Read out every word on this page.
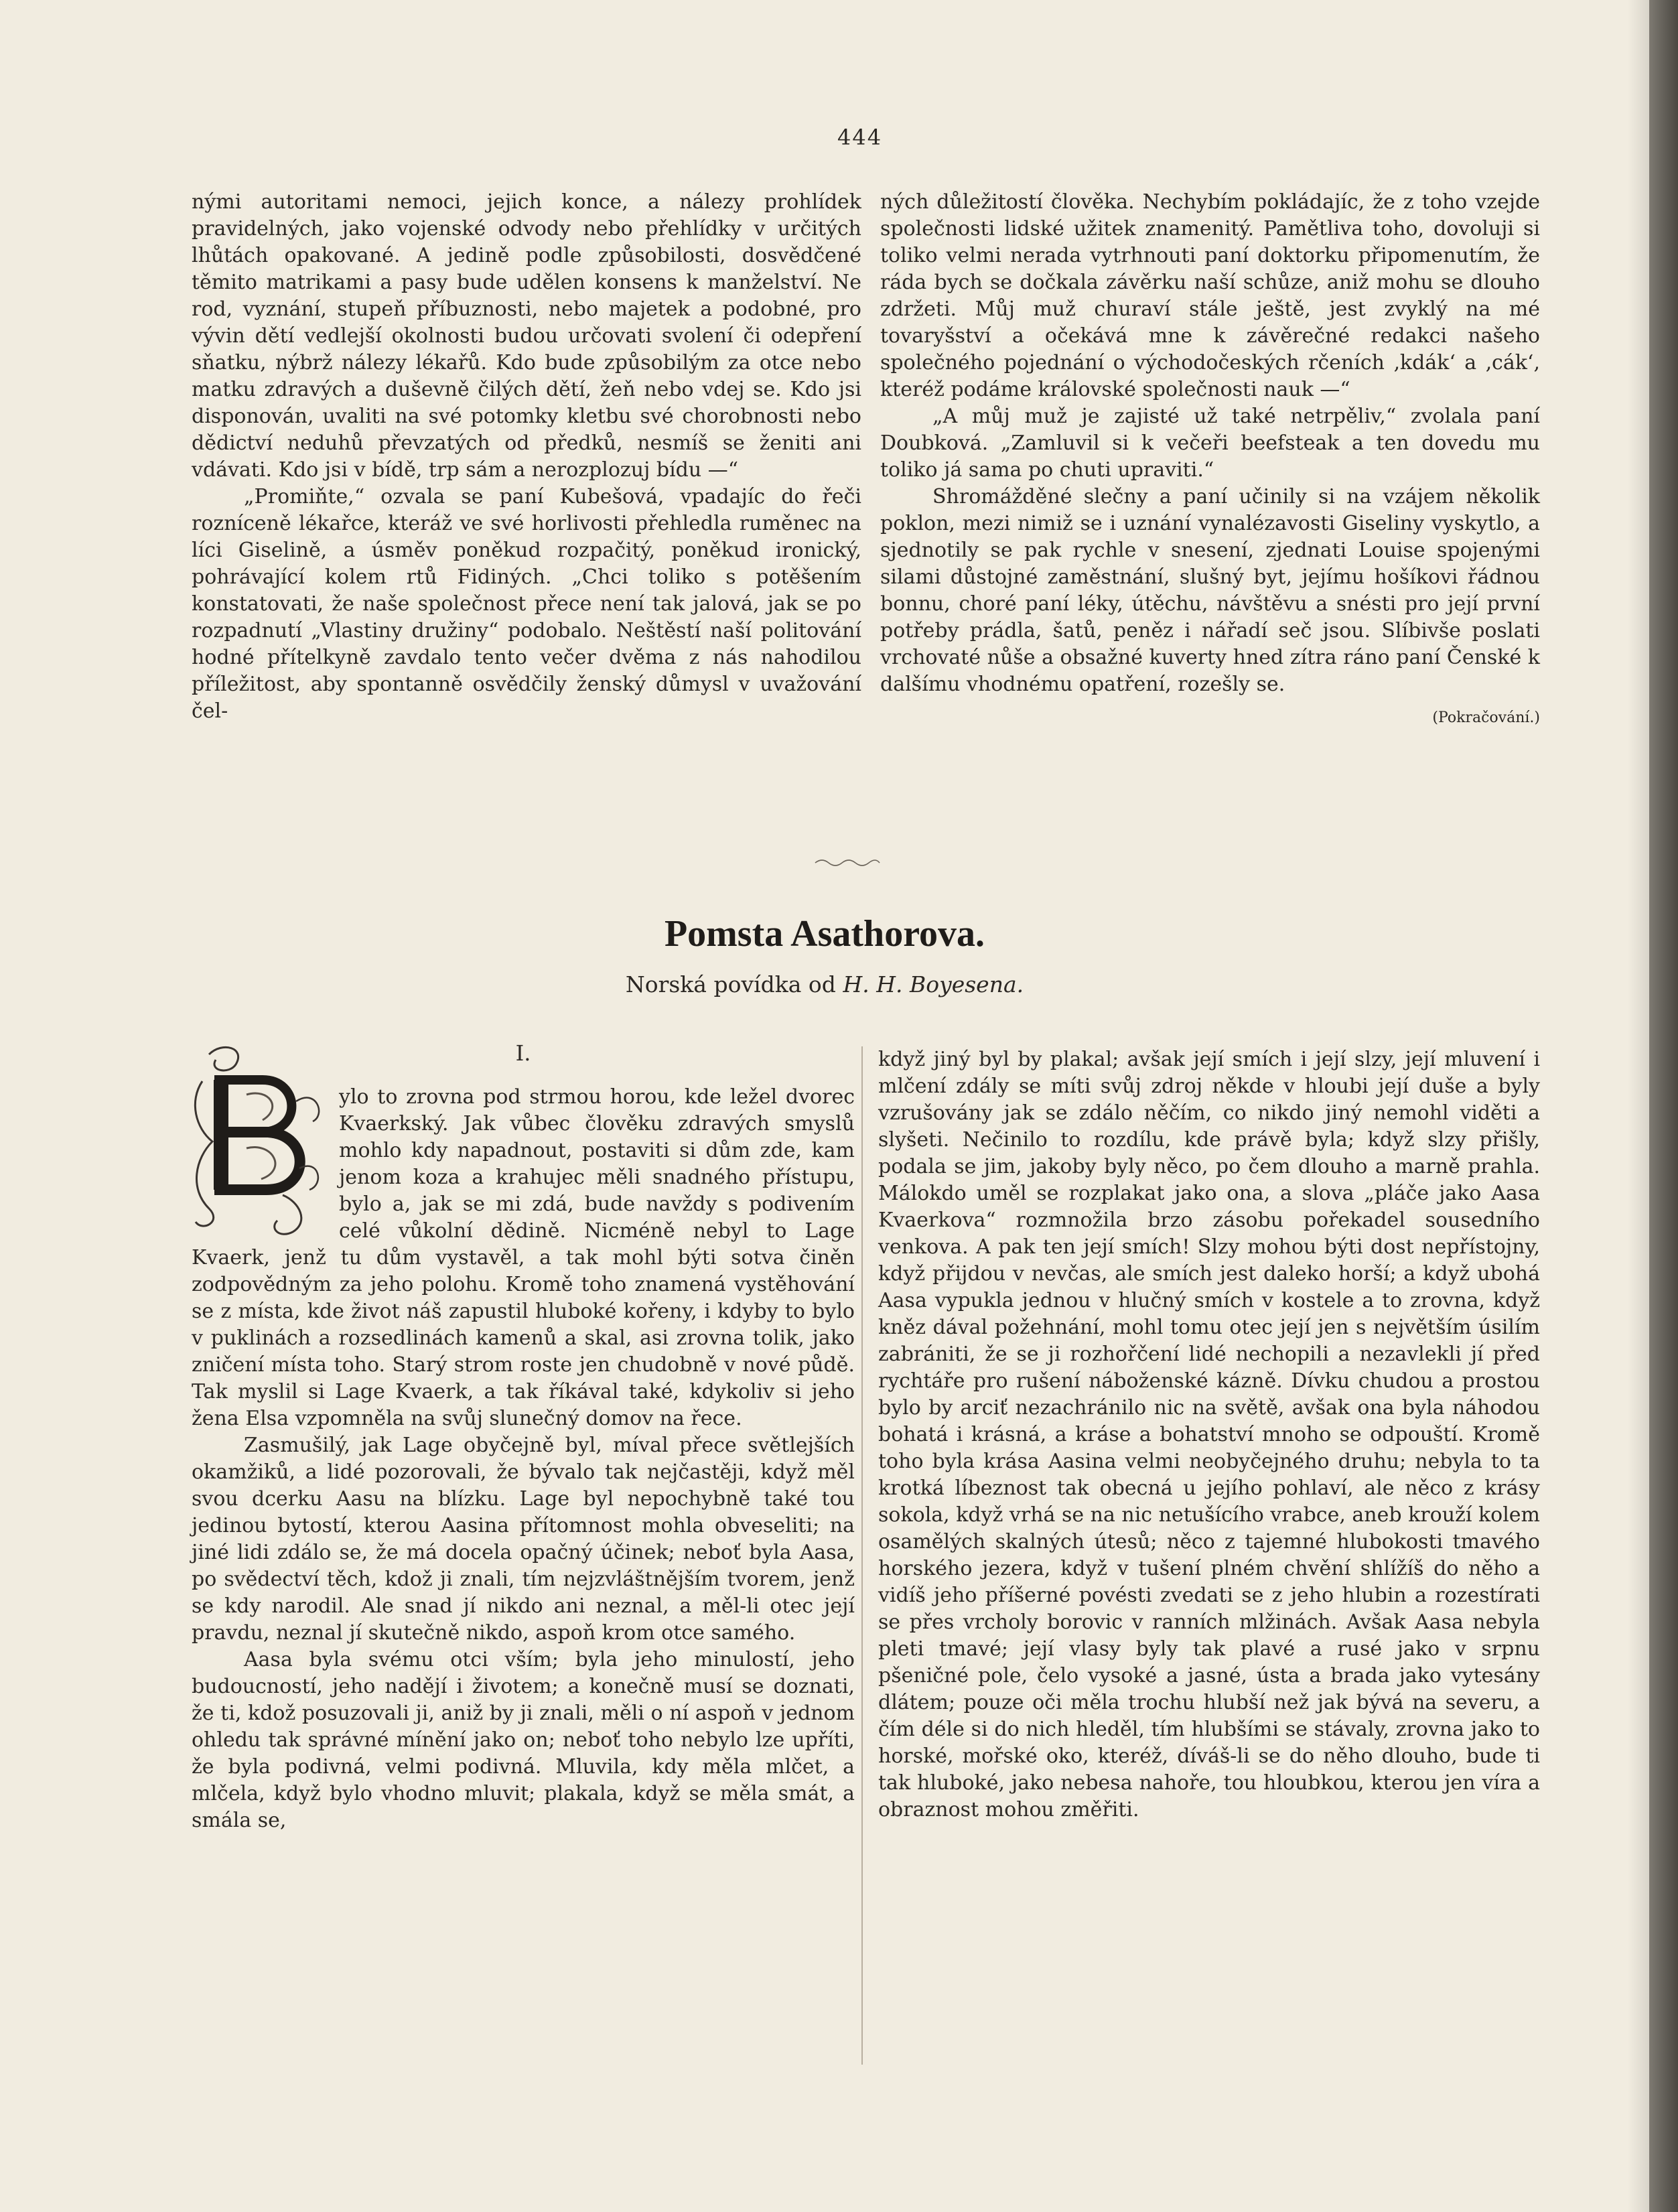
444

nými autoritami nemoci, jejich konce, a nálezy prohlídek pravidelných, jako vojenské odvody nebo přehlídky v určitých lhůtách opakované. A jedině podle způsobilosti, dosvědčené těmito matrikami a pasy bude udělen konsens k manželství. Ne rod, vyznání, stupeň příbuznosti, nebo majetek a podobné, pro vývin dětí vedlejší okolnosti budou určovati svolení či odepření sňatku, nýbrž nálezy lékařů. Kdo bude způsobilým za otce nebo matku zdravých a duševně čilých dětí, žeň nebo vdej se. Kdo jsi disponován, uvaliti na své potomky kletbu své chorobnosti nebo dědictví neduhů převzatých od předků, nesmíš se ženiti ani vdávati. Kdo jsi v bídě, trp sám a nerozplozuj bídu —“

„Promiňte,“ ozvala se paní Kubešová, vpadajíc do řeči rozníceně lékařce, kteráž ve své horlivosti přehledla ruměnec na líci Giselině, a úsměv poněkud rozpačitý, poněkud ironický, pohrávající kolem rtů Fidiných. „Chci toliko s potěšením konstatovati, že naše společnost přece není tak jalová, jak se po rozpadnutí „Vlastiny družiny“ podobalo. Neštěstí naší politování hodné přítelkyně zavdalo tento večer dvěma z nás nahodilou příležitost, aby spontanně osvědčily ženský důmysl v uvažování čel-

ných důležitostí člověka. Nechybím pokládajíc, že z toho vzejde společnosti lidské užitek znamenitý. Pamětliva toho, dovoluji si toliko velmi nerada vytrhnouti paní doktorku připomenutím, že ráda bych se dočkala závěrku naší schůze, aniž mohu se dlouho zdržeti. Můj muž churaví stále ještě, jest zvyklý na mé tovaryšství a očekává mne k závěrečné redakci našeho společného pojednání o východočeských rčeních ‚kdák‘ a ‚cák‘, kteréž podáme královské společnosti nauk —“

„A můj muž je zajisté už také netrpěliv,“ zvolala paní Doubková. „Zamluvil si k večeři beefsteak a ten dovedu mu toliko já sama po chuti upraviti.“

Shromážděné slečny a paní učinily si na vzájem několik poklon, mezi nimiž se i uznání vynalézavosti Giseliny vyskytlo, a sjednotily se pak rychle v snesení, zjednati Louise spojenými silami důstojné zaměstnání, slušný byt, jejímu hošíkovi řádnou bonnu, choré paní léky, útěchu, návštěvu a snésti pro její první potřeby prádla, šatů, peněz i nářadí seč jsou. Slíbivše poslati vrchovaté nůše a obsažné kuverty hned zítra ráno paní Čenské k dalšímu vhodnému opatření, rozešly se.

(Pokračování.)
Pomsta Asathorova.
Norská povídka od H. H. Boyesena.
I.

ylo to zrovna pod strmou horou, kde ležel dvorec Kvaerkský. Jak vůbec člověku zdravých smyslů mohlo kdy napadnout, postaviti si dům zde, kam jenom koza a krahujec měli snadného přístupu, bylo a, jak se mi zdá, bude navždy s podivením celé vůkolní dědině. Nicméně nebyl to Lage Kvaerk, jenž tu dům vystavěl, a tak mohl býti sotva činěn zodpovědným za jeho polohu. Kromě toho znamená vystěhování se z místa, kde život náš zapustil hluboké kořeny, i kdyby to bylo v puklinách a rozsedlinách kamenů a skal, asi zrovna tolik, jako zničení místa toho. Starý strom roste jen chudobně v nové půdě. Tak myslil si Lage Kvaerk, a tak říkával také, kdykoliv si jeho žena Elsa vzpomněla na svůj slunečný domov na řece.

Zasmušilý, jak Lage obyčejně byl, míval přece světlejších okamžiků, a lidé pozorovali, že bývalo tak nejčastěji, když měl svou dcerku Aasu na blízku. Lage byl nepochybně také tou jedinou bytostí, kterou Aasina přítomnost mohla obveseliti; na jiné lidi zdálo se, že má docela opačný účinek; neboť byla Aasa, po svědectví těch, kdož ji znali, tím nejzvláštnějším tvorem, jenž se kdy narodil. Ale snad jí nikdo ani neznal, a měl-li otec její pravdu, neznal jí skutečně nikdo, aspoň krom otce samého.

Aasa byla svému otci vším; byla jeho minulostí, jeho budoucností, jeho nadějí i životem; a konečně musí se doznati, že ti, kdož posuzovali ji, aniž by ji znali, měli o ní aspoň v jednom ohledu tak správné mínění jako on; neboť toho nebylo lze upříti, že byla podivná, velmi podivná. Mluvila, kdy měla mlčet, a mlčela, když bylo vhodno mluvit; plakala, když se měla smát, a smála se,

když jiný byl by plakal; avšak její smích i její slzy, její mluvení i mlčení zdály se míti svůj zdroj někde v hloubi její duše a byly vzrušovány jak se zdálo něčím, co nikdo jiný nemohl viděti a slyšeti. Nečinilo to rozdílu, kde právě byla; když slzy přišly, podala se jim, jakoby byly něco, po čem dlouho a marně prahla. Málokdo uměl se rozplakat jako ona, a slova „pláče jako Aasa Kvaerkova“ rozmnožila brzo zásobu pořekadel sousedního venkova. A pak ten její smích! Slzy mohou býti dost nepřístojny, když přijdou v nevčas, ale smích jest daleko horší; a když ubohá Aasa vypukla jednou v hlučný smích v kostele a to zrovna, když kněz dával požehnání, mohl tomu otec její jen s největším úsilím zabrániti, že se ji rozhořčení lidé nechopili a nezavlekli jí před rychtáře pro rušení náboženské kázně. Dívku chudou a prostou bylo by arciť nezachránilo nic na světě, avšak ona byla náhodou bohatá i krásná, a kráse a bohatství mnoho se odpouští. Kromě toho byla krása Aasina velmi neobyčejného druhu; nebyla to ta krotká líbeznost tak obecná u jejího pohlaví, ale něco z krásy sokola, když vrhá se na nic netušícího vrabce, aneb krouží kolem osamělých skalných útesů; něco z tajemné hlubokosti tmavého horského jezera, když v tušení plném chvění shlížíš do něho a vidíš jeho příšerné povésti zvedati se z jeho hlubin a rozestírati se přes vrcholy borovic v ranních mlžinách. Avšak Aasa nebyla pleti tmavé; její vlasy byly tak plavé a rusé jako v srpnu pšeničné pole, čelo vysoké a jasné, ústa a brada jako vytesány dlátem; pouze oči měla trochu hlubší než jak bývá na severu, a čím déle si do nich hleděl, tím hlubšími se stávaly, zrovna jako to horské, mořské oko, kteréž, díváš-li se do něho dlouho, bude ti tak hluboké, jako nebesa nahoře, tou hloubkou, kterou jen víra a obraznost mohou změřiti.
